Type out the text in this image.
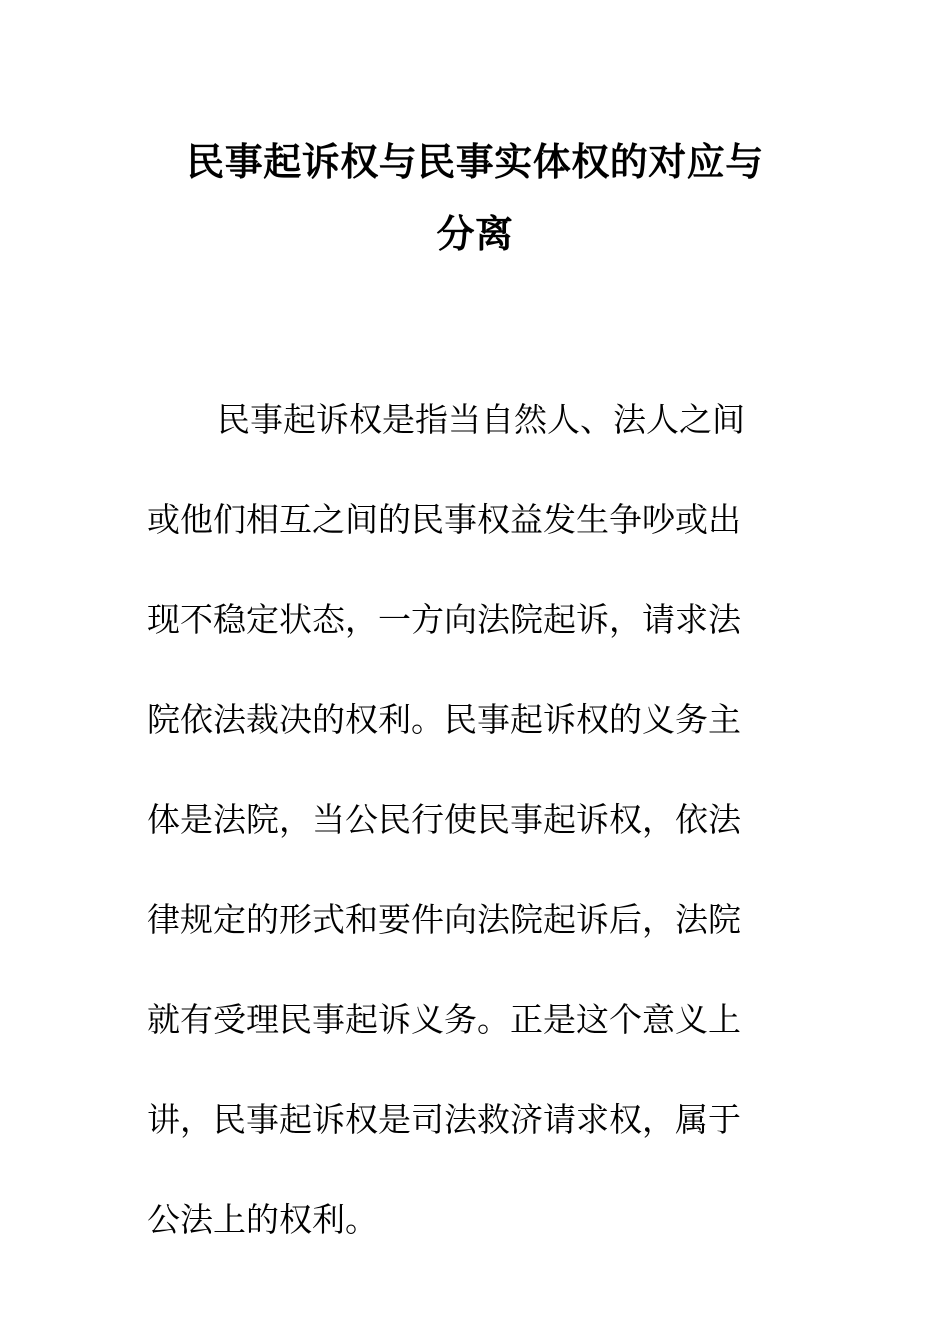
民事起诉权与民事实体权的对应与
分离
民事起诉权是指当自然人、法人之间
或他们相互之间的民事权益发生争吵或出
现不稳定状态，一方向法院起诉，请求法
院依法裁决的权利。民事起诉权的义务主
体是法院，当公民行使民事起诉权，依法
律规定的形式和要件向法院起诉后，法院
就有受理民事起诉义务。正是这个意义上
讲，民事起诉权是司法救济请求权，属于
公法上的权利。
